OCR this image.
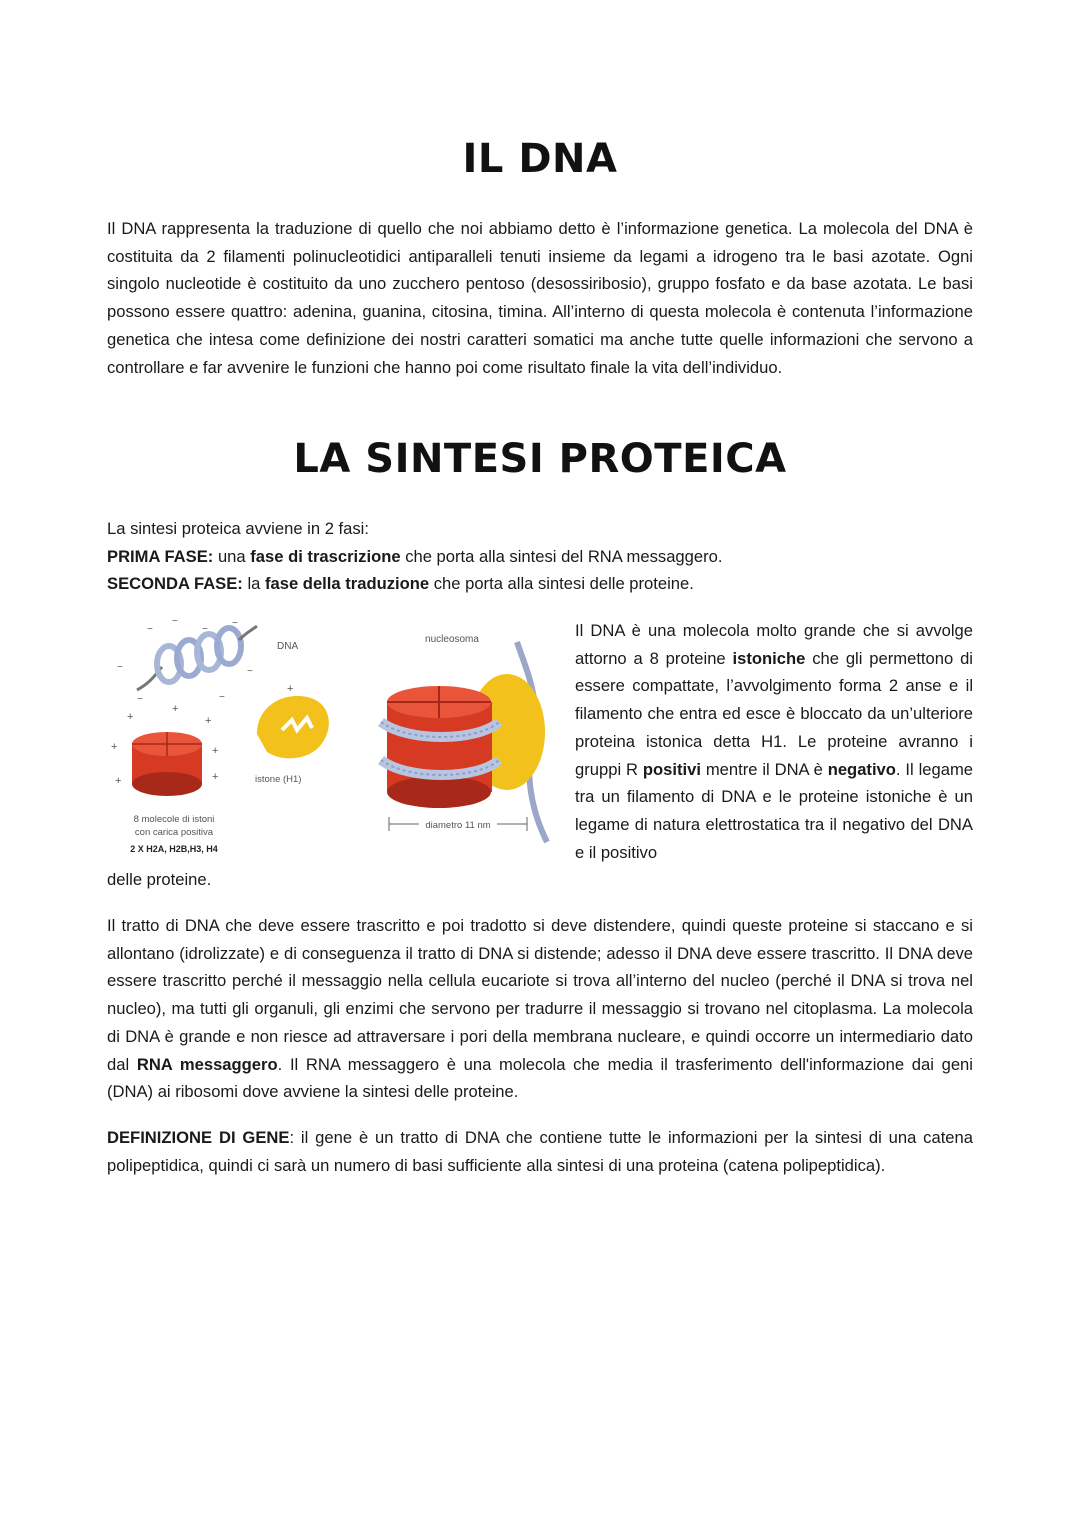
IL DNA

Il DNA rappresenta la traduzione di quello che noi abbiamo detto è l’informazione genetica. La molecola del DNA è costituita da 2 filamenti polinucleotidici antiparalleli tenuti insieme da legami a idrogeno tra le basi azotate. Ogni singolo nucleotide è costituito da uno zucchero pentoso (desossiribosio), gruppo fosfato e da base azotata. Le basi possono essere quattro: adenina, guanina, citosina, timina. All’interno di questa molecola è contenuta l’informazione genetica che intesa come definizione dei nostri caratteri somatici ma anche tutte quelle informazioni che servono a controllare e far avvenire le funzioni che hanno poi come risultato finale la vita dell’individuo.

LA SINTESI PROTEICA

La sintesi proteica avviene in 2 fasi:

PRIMA FASE: una fase di trascrizione che porta alla sintesi del RNA messaggero.

SECONDA FASE: la fase della traduzione che porta alla sintesi delle proteine.

−
−
−
−
−	−
−	−
DNA
+
+
+
+	+
+	+
+
istone (H1)
8 molecole di istoni
con carica positiva
2 X H2A, H2B,H3, H4
nucleosoma
diametro 11 nm

Il DNA è una molecola molto grande che si avvolge attorno a 8 proteine istoniche che gli permettono di essere compattate, l’avvolgimento forma 2 anse e il filamento che entra ed esce è bloccato da un’ulteriore proteina istonica detta H1. Le proteine avranno i gruppi R positivi mentre il DNA è negativo. Il legame tra un filamento di DNA e le proteine istoniche è un legame di natura elettrostatica tra il negativo del DNA e il positivo

delle proteine.

Il tratto di DNA che deve essere trascritto e poi tradotto si deve distendere, quindi queste proteine si staccano e si allontano (idrolizzate) e di conseguenza il tratto di DNA si distende; adesso il DNA deve essere trascritto. Il DNA deve essere trascritto perché il messaggio nella cellula eucariote si trova all’interno del nucleo (perché il DNA si trova nel nucleo), ma tutti gli organuli, gli enzimi che servono per tradurre il messaggio si trovano nel citoplasma. La molecola di DNA è grande e non riesce ad attraversare i pori della membrana nucleare, e quindi occorre un intermediario dato dal RNA messaggero. Il RNA messaggero è una molecola che media il trasferimento dell'informazione dai geni (DNA) ai ribosomi dove avviene la sintesi delle proteine.

DEFINIZIONE DI GENE: il gene è un tratto di DNA che contiene tutte le informazioni per la sintesi di una catena polipeptidica, quindi ci sarà un numero di basi sufficiente alla sintesi di una proteina (catena polipeptidica).
